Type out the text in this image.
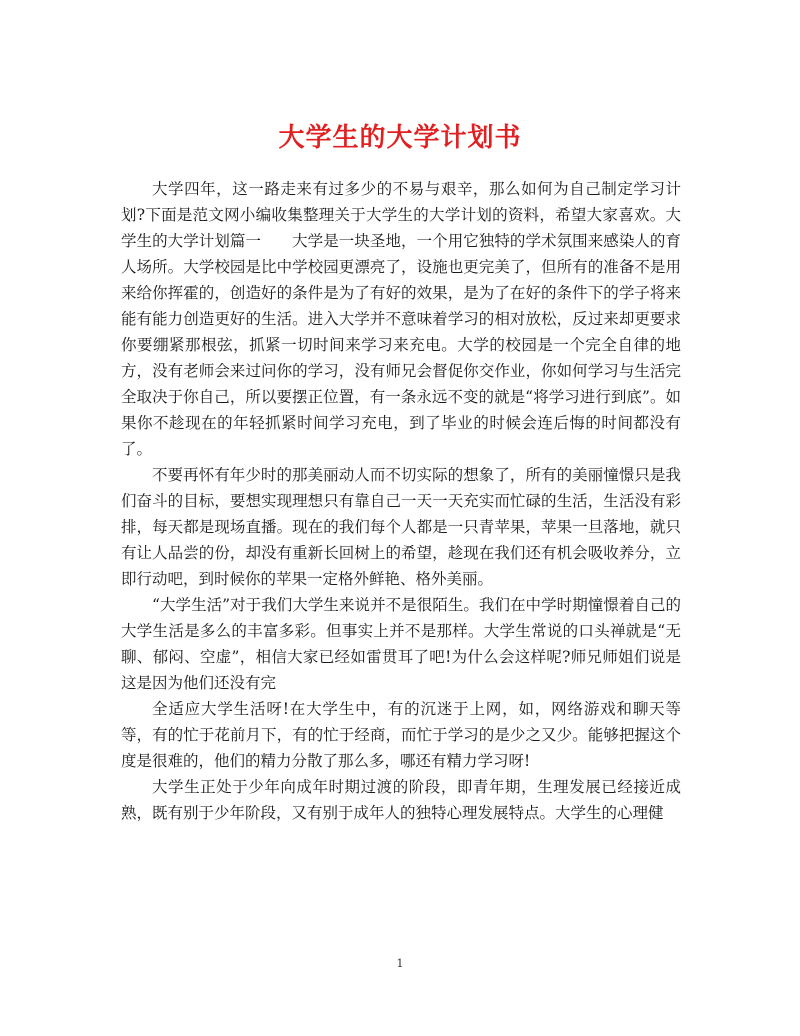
大学生的大学计划书

大学四年，这一路走来有过多少的不易与艰辛，那么如何为自己制定学习计划?下面是范文网小编收集整理关于大学生的大学计划的资料，希望大家喜欢。大学生的大学计划篇一　　大学是一块圣地，一个用它独特的学术氛围来感染人的育人场所。大学校园是比中学校园更漂亮了，设施也更完美了，但所有的准备不是用来给你挥霍的，创造好的条件是为了有好的效果，是为了在好的条件下的学子将来能有能力创造更好的生活。进入大学并不意味着学习的相对放松，反过来却更要求你要绷紧那根弦，抓紧一切时间来学习来充电。大学的校园是一个完全自律的地方，没有老师会来过问你的学习，没有师兄会督促你交作业，你如何学习与生活完全取决于你自己，所以要摆正位置，有一条永远不变的就是“将学习进行到底”。如果你不趁现在的年轻抓紧时间学习充电，到了毕业的时候会连后悔的时间都没有了。

不要再怀有年少时的那美丽动人而不切实际的想象了，所有的美丽憧憬只是我们奋斗的目标，要想实现理想只有靠自己一天一天充实而忙碌的生活，生活没有彩排，每天都是现场直播。现在的我们每个人都是一只青苹果，苹果一旦落地，就只有让人品尝的份，却没有重新长回树上的希望，趁现在我们还有机会吸收养分，立即行动吧，到时候你的苹果一定格外鲜艳、格外美丽。

“大学生活”对于我们大学生来说并不是很陌生。我们在中学时期憧憬着自己的大学生活是多么的丰富多彩。但事实上并不是那样。大学生常说的口头禅就是“无聊、郁闷、空虚”，相信大家已经如雷贯耳了吧!为什么会这样呢?师兄师姐们说是这是因为他们还没有完

全适应大学生活呀!在大学生中，有的沉迷于上网，如，网络游戏和聊天等等，有的忙于花前月下，有的忙于经商，而忙于学习的是少之又少。能够把握这个度是很难的，他们的精力分散了那么多，哪还有精力学习呀!

大学生正处于少年向成年时期过渡的阶段，即青年期，生理发展已经接近成熟，既有别于少年阶段，又有别于成年人的独特心理发展特点。大学生的心理健

1
